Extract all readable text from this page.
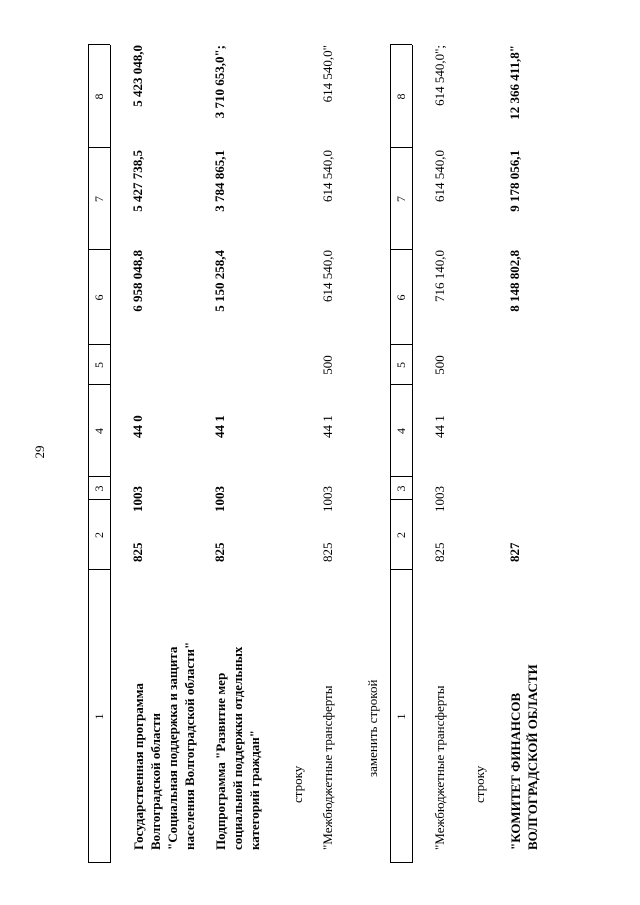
29
1
2
3
4
5
6
7
8
Государственная программа Волгоградской области "Социальная поддержка и защита населения Волгоградской области"
825
1003
44 0
6 958 048,8
5 427 738,5
5 423 048,0
Подпрограмма "Развитие мер социальной поддержки отдельных категорий граждан"
825
1003
44 1
5 150 258,4
3 784 865,1
3 710 653,0";
строку "Межбюджетные трансферты
825
1003
44 1
500
614 540,0
614 540,0
614 540,0"
заменить строкой 1
2
3
4
5
6
7
8
"Межбюджетные трансферты
825
1003
44 1
500
716 140,0
614 540,0
614 540,0";
строку "КОМИТЕТ ФИНАНСОВ ВОЛГОГРАДСКОЙ ОБЛАСТИ
827
8 148 802,8
9 178 056,1
12 366 411,8"
